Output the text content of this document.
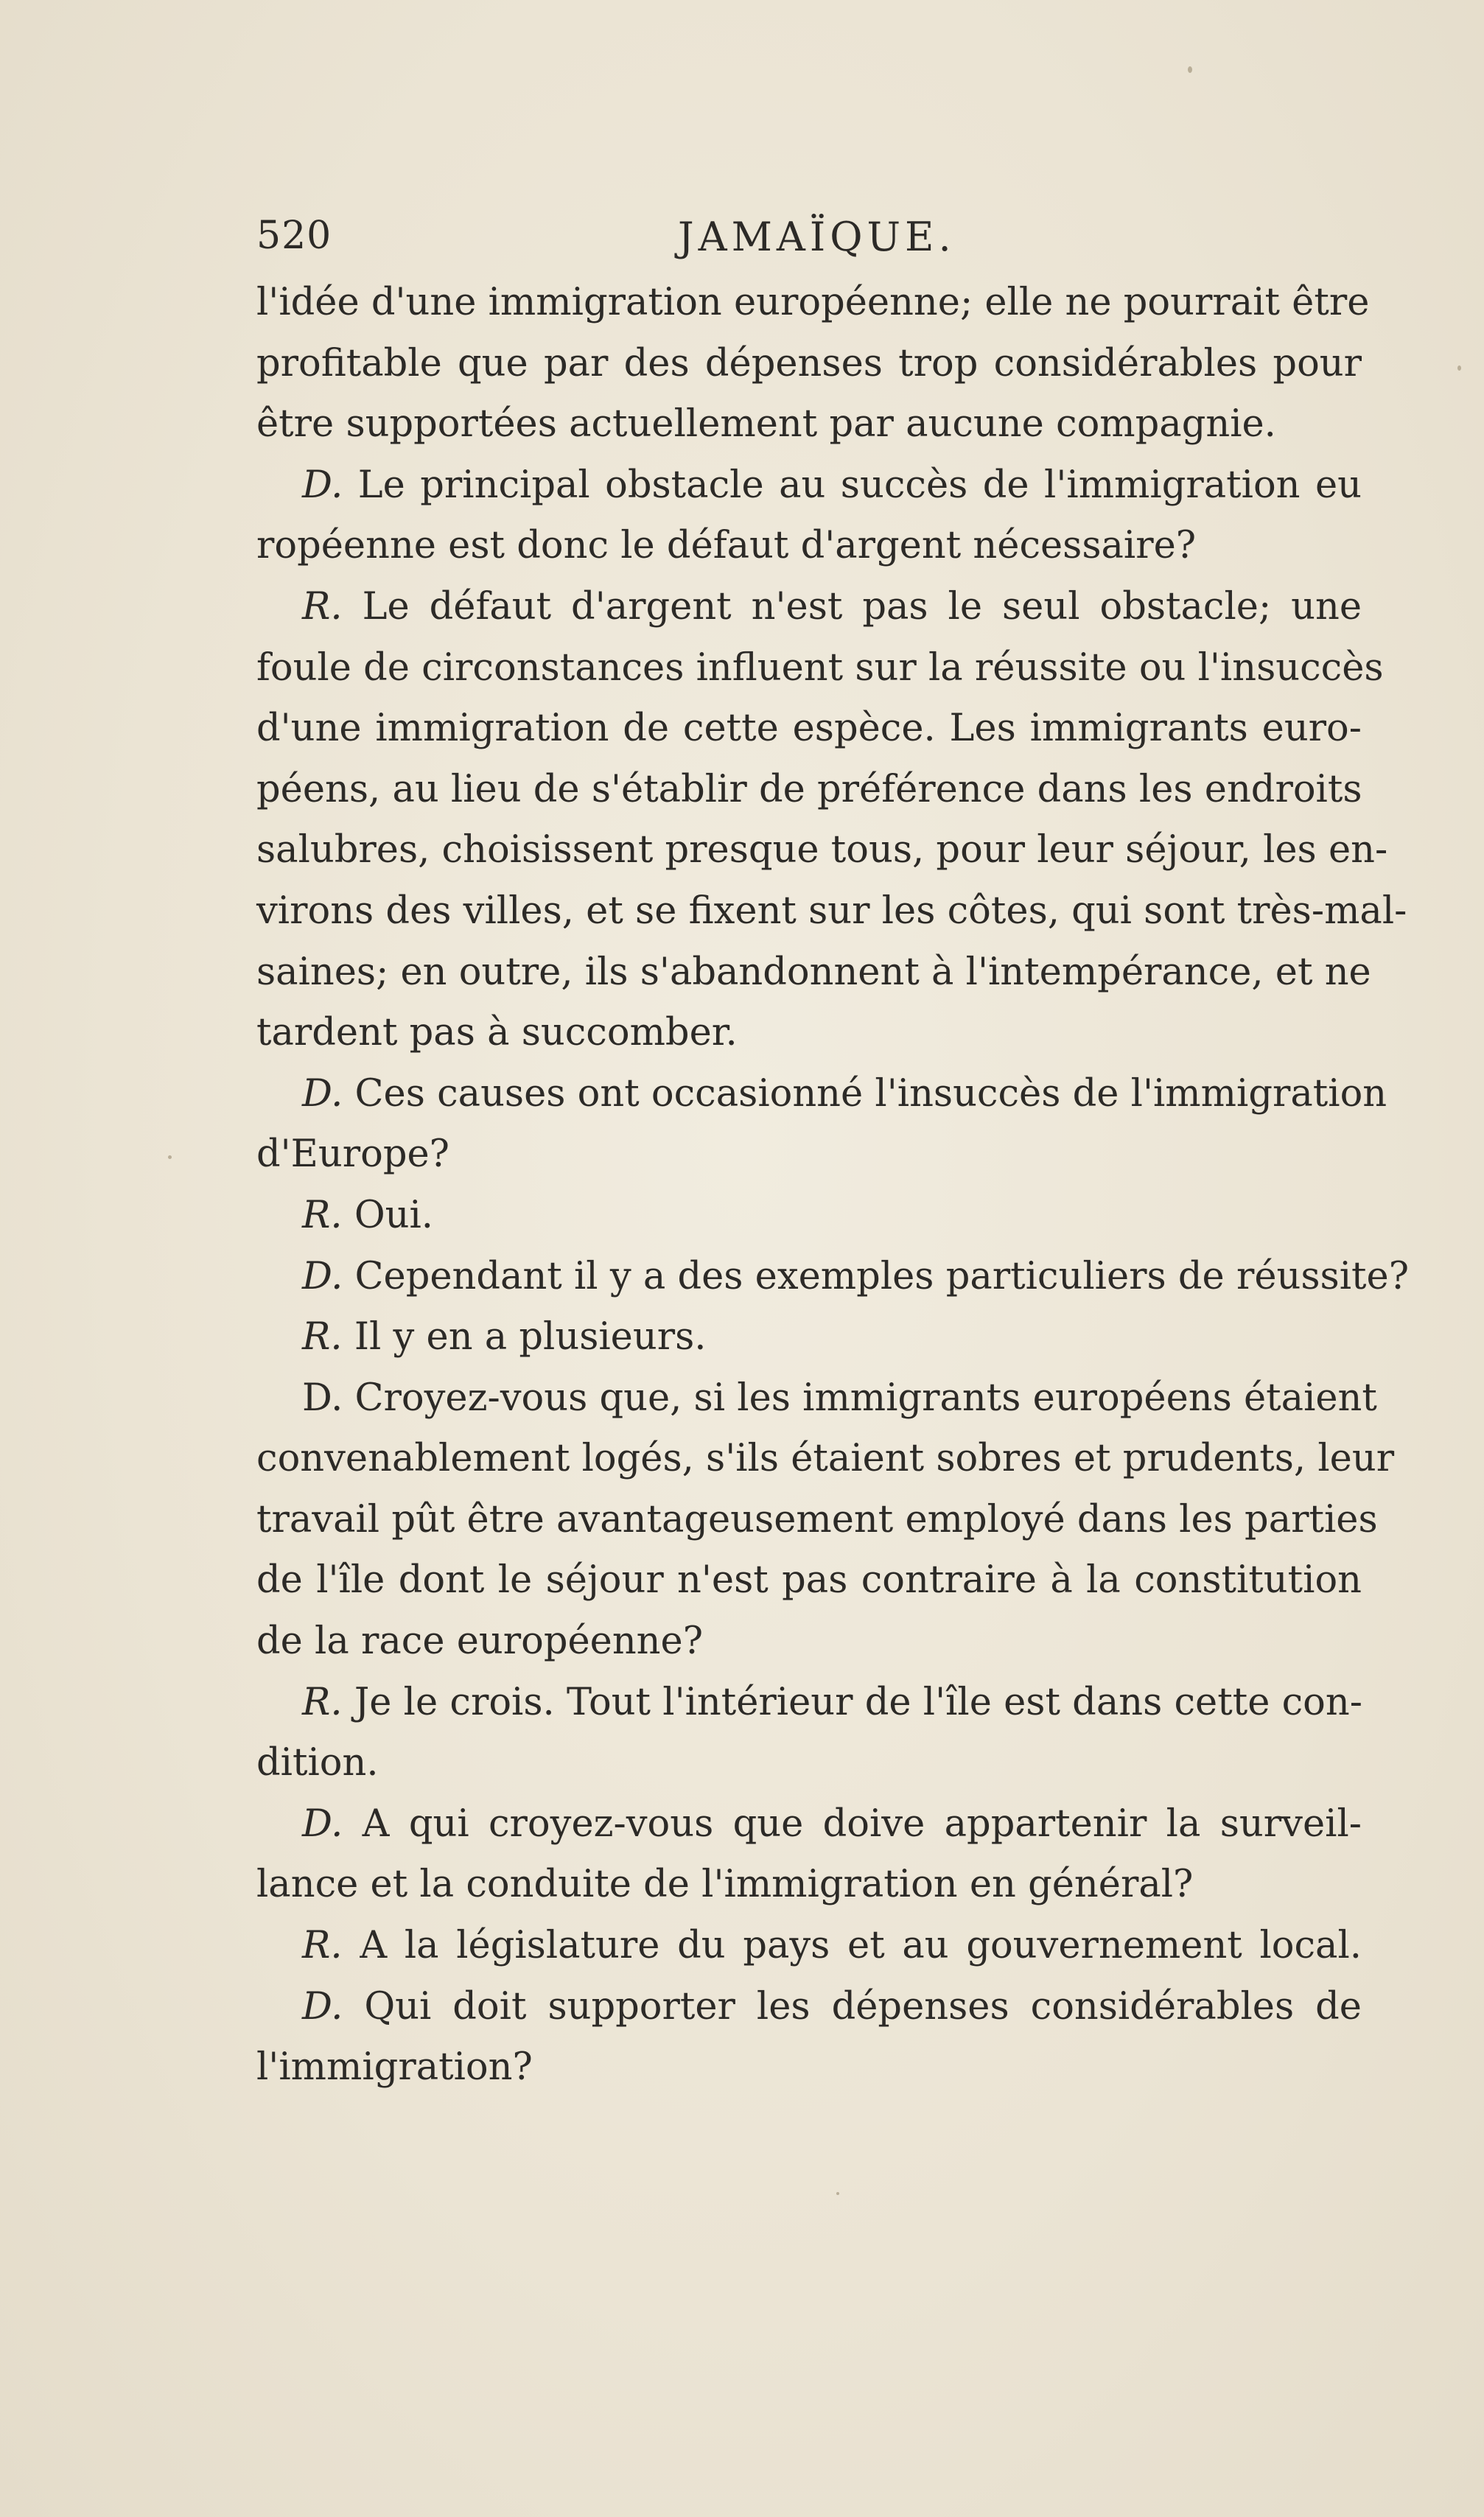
520	JAMAÏQUE.
l'idée d'une immigration européenne; elle ne pourrait être
profitable que par des dépenses trop considérables pour
être supportées actuellement par aucune compagnie.
D. Le principal obstacle au succès de l'immigration eu
ropéenne est donc le défaut d'argent nécessaire?
R. Le défaut d'argent n'est pas le seul obstacle; une
foule de circonstances influent sur la réussite ou l'insuccès
d'une immigration de cette espèce. Les immigrants euro-
péens, au lieu de s'établir de préférence dans les endroits
salubres, choisissent presque tous, pour leur séjour, les en-
virons des villes, et se fixent sur les côtes, qui sont très-mal-
saines; en outre, ils s'abandonnent à l'intempérance, et ne
tardent pas à succomber.
D. Ces causes ont occasionné l'insuccès de l'immigration
d'Europe?
R. Oui.
D. Cependant il y a des exemples particuliers de réussite?
R. Il y en a plusieurs.
D. Croyez-vous que, si les immigrants européens étaient
convenablement logés, s'ils étaient sobres et prudents, leur
travail pût être avantageusement employé dans les parties
de l'île dont le séjour n'est pas contraire à la constitution
de la race européenne?
R. Je le crois. Tout l'intérieur de l'île est dans cette con-
dition.
D. A qui croyez-vous que doive appartenir la surveil-
lance et la conduite de l'immigration en général?
R. A la législature du pays et au gouvernement local.
D. Qui doit supporter les dépenses considérables de
l'immigration?
